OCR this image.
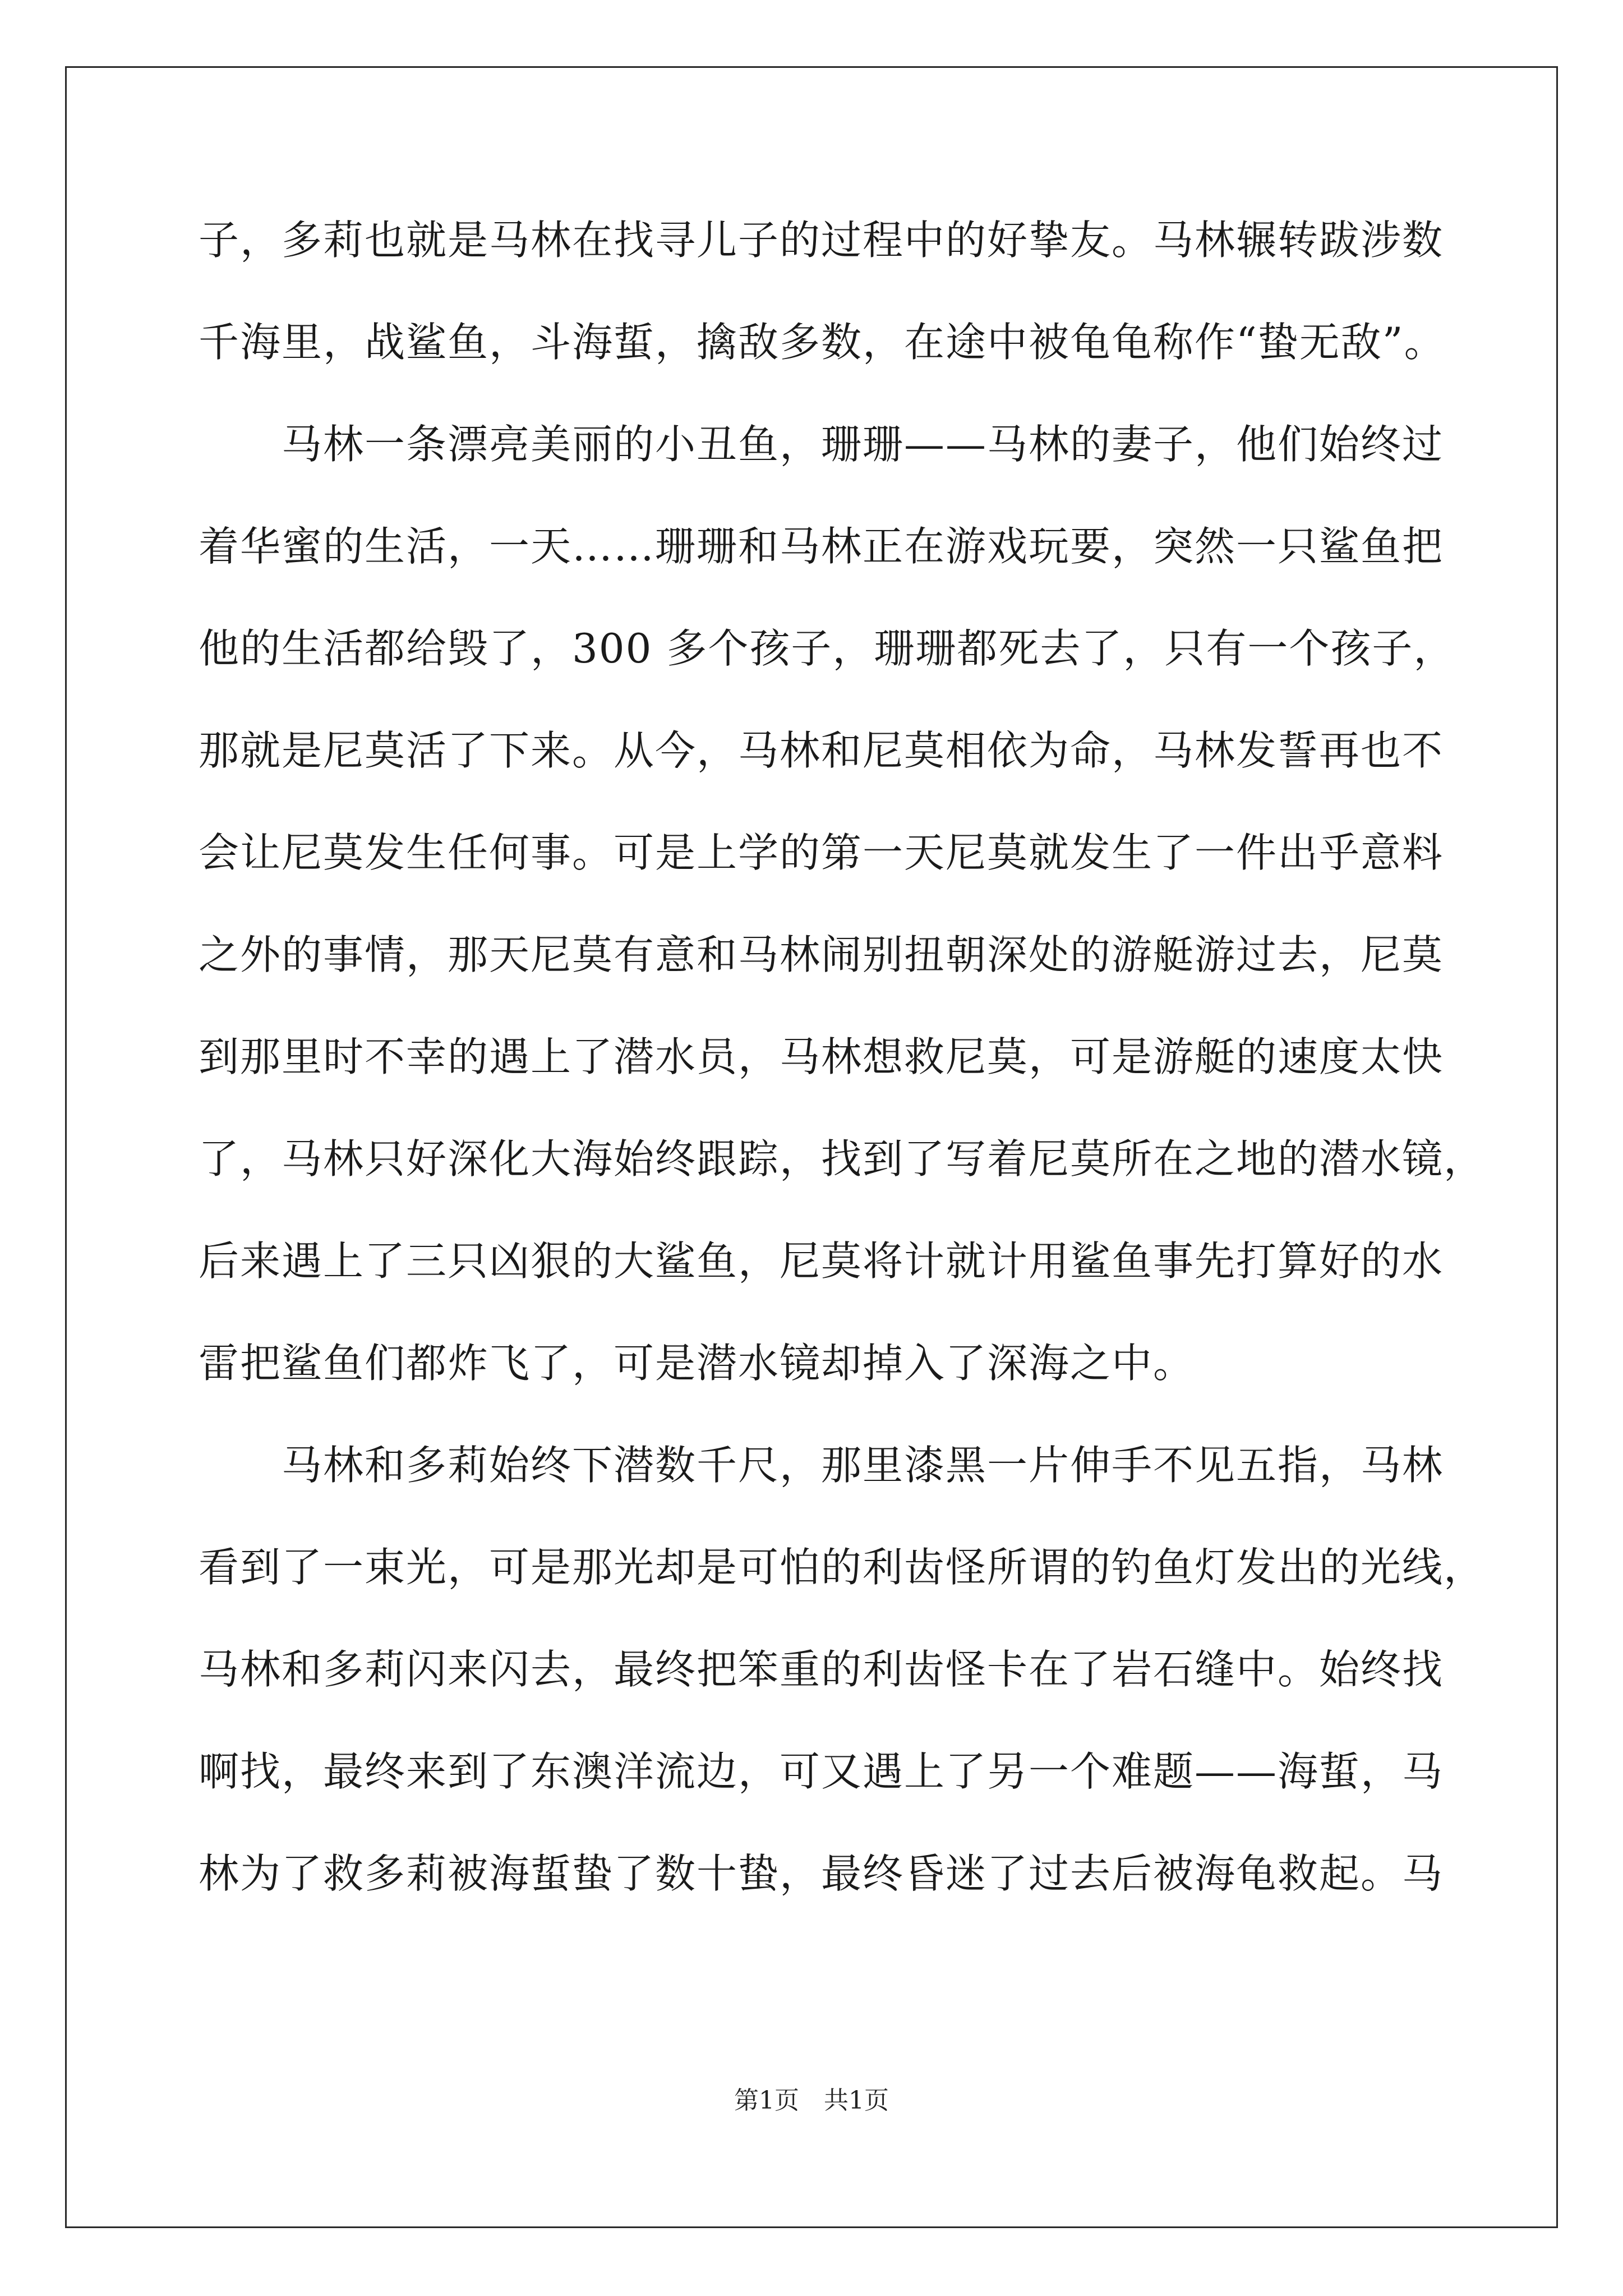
子，多莉也就是马林在找寻儿子的过程中的好挚友。马林辗转跋涉数
千海里，战鲨鱼，斗海蜇，擒敌多数，在途中被龟龟称作“蛰无敌”。
　　马林一条漂亮美丽的小丑鱼，珊珊——马林的妻子，他们始终过
着华蜜的生活，一天……珊珊和马林正在游戏玩要，突然一只鲨鱼把
他的生活都给毁了，300 多个孩子，珊珊都死去了，只有一个孩子，
那就是尼莫活了下来。从今，马林和尼莫相依为命，马林发誓再也不
会让尼莫发生任何事。可是上学的第一天尼莫就发生了一件出乎意料
之外的事情，那天尼莫有意和马林闹别扭朝深处的游艇游过去，尼莫
到那里时不幸的遇上了潜水员，马林想救尼莫，可是游艇的速度太快
了，马林只好深化大海始终跟踪，找到了写着尼莫所在之地的潜水镜，
后来遇上了三只凶狠的大鲨鱼，尼莫将计就计用鲨鱼事先打算好的水
雷把鲨鱼们都炸飞了，可是潜水镜却掉入了深海之中。
　　马林和多莉始终下潜数千尺，那里漆黑一片伸手不见五指，马林
看到了一束光，可是那光却是可怕的利齿怪所谓的钓鱼灯发出的光线，
马林和多莉闪来闪去，最终把笨重的利齿怪卡在了岩石缝中。始终找
啊找，最终来到了东澳洋流边，可又遇上了另一个难题——海蜇，马
林为了救多莉被海蜇蛰了数十蛰，最终昏迷了过去后被海龟救起。马
第1页　共1页
